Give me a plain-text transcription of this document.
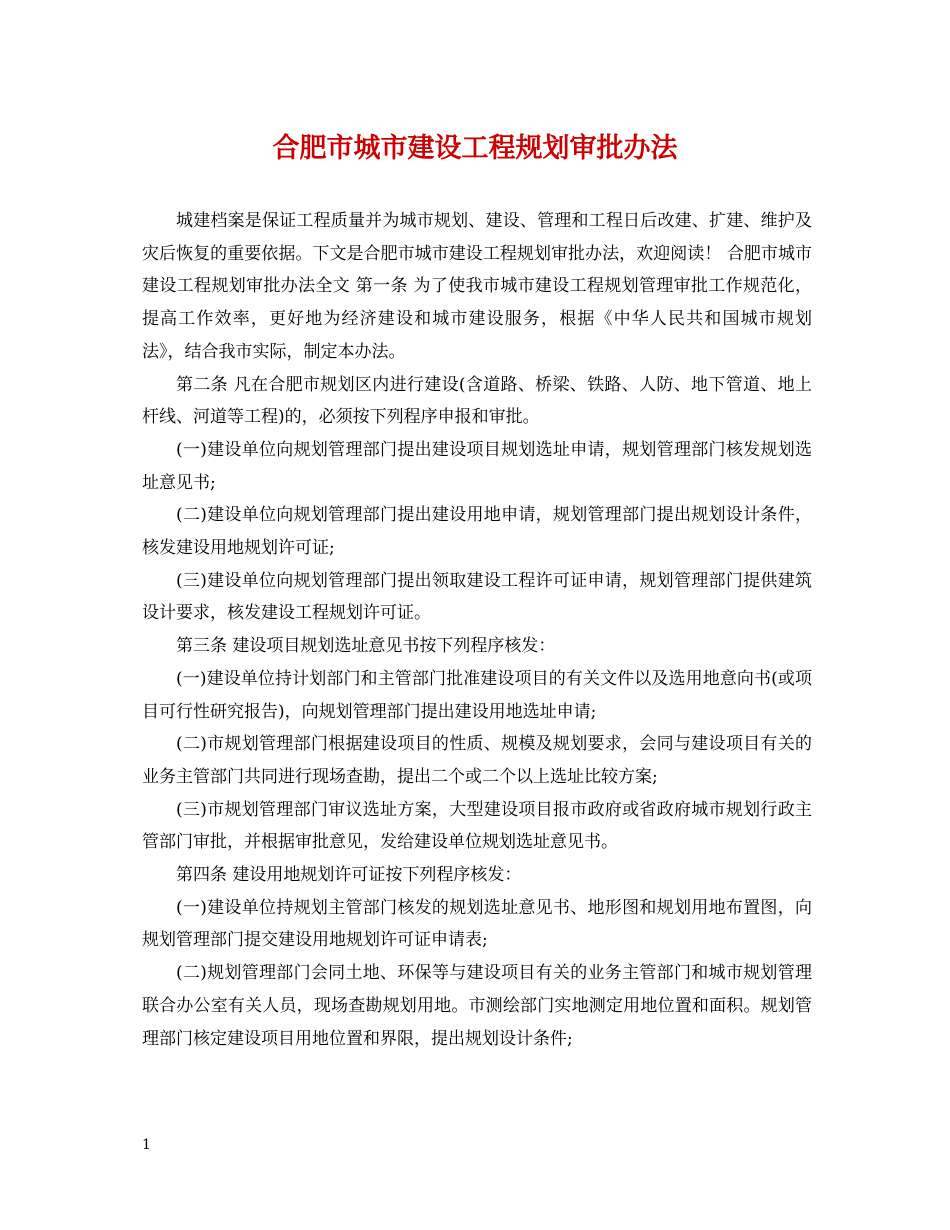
合肥市城市建设工程规划审批办法

城建档案是保证工程质量并为城市规划、建设、管理和工程日后改建、扩建、维护及灾后恢复的重要依据。下文是合肥市城市建设工程规划审批办法，欢迎阅读！ 合肥市城市建设工程规划审批办法全文 第一条 为了使我市城市建设工程规划管理审批工作规范化，提高工作效率，更好地为经济建设和城市建设服务，根据《中华人民共和国城市规划法》，结合我市实际，制定本办法。

第二条 凡在合肥市规划区内进行建设(含道路、桥梁、铁路、人防、地下管道、地上杆线、河道等工程)的，必须按下列程序申报和审批。

(一)建设单位向规划管理部门提出建设项目规划选址申请，规划管理部门核发规划选址意见书;

(二)建设单位向规划管理部门提出建设用地申请，规划管理部门提出规划设计条件，核发建设用地规划许可证;

(三)建设单位向规划管理部门提出领取建设工程许可证申请，规划管理部门提供建筑设计要求，核发建设工程规划许可证。

第三条 建设项目规划选址意见书按下列程序核发：

(一)建设单位持计划部门和主管部门批准建设项目的有关文件以及选用地意向书(或项目可行性研究报告)，向规划管理部门提出建设用地选址申请;

(二)市规划管理部门根据建设项目的性质、规模及规划要求，会同与建设项目有关的业务主管部门共同进行现场查勘，提出二个或二个以上选址比较方案;

(三)市规划管理部门审议选址方案，大型建设项目报市政府或省政府城市规划行政主管部门审批，并根据审批意见，发给建设单位规划选址意见书。

第四条 建设用地规划许可证按下列程序核发：

(一)建设单位持规划主管部门核发的规划选址意见书、地形图和规划用地布置图，向规划管理部门提交建设用地规划许可证申请表;

(二)规划管理部门会同土地、环保等与建设项目有关的业务主管部门和城市规划管理联合办公室有关人员，现场查勘规划用地。市测绘部门实地测定用地位置和面积。规划管理部门核定建设项目用地位置和界限，提出规划设计条件;

1
